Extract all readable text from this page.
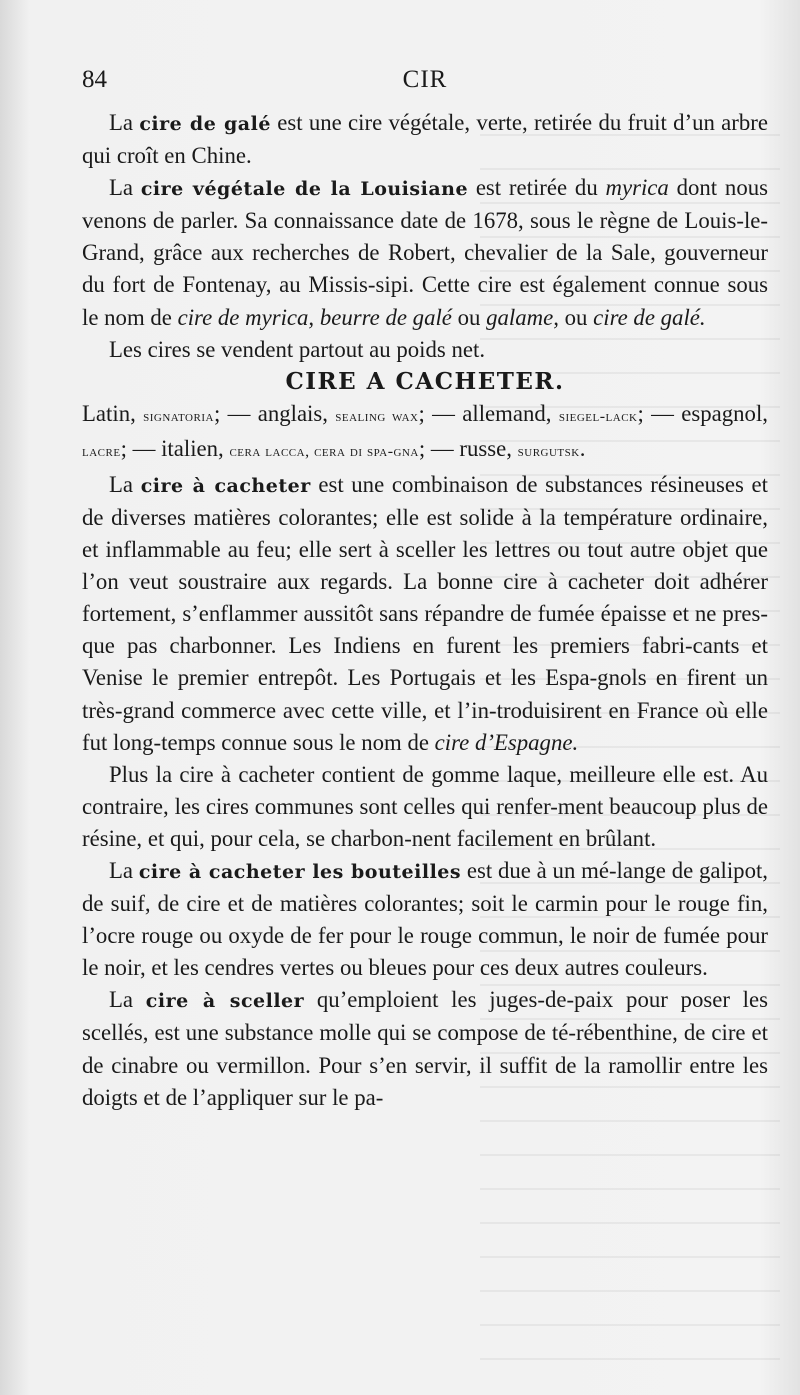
84	CIR

La cire de galé est une cire végétale, verte, retirée du fruit d’un arbre qui croît en Chine.

La cire végétale de la Louisiane est retirée du myrica dont nous venons de parler. Sa connaissance date de 1678, sous le règne de Louis-le-Grand, grâce aux recherches de Robert, chevalier de la Sale, gouverneur du fort de Fontenay, au Missis-sipi. Cette cire est également connue sous le nom de cire de myrica, beurre de galé ou galame, ou cire de galé.

Les cires se vendent partout au poids net.

CIRE A CACHETER.

Latin, signatoria; — anglais, sealing wax; — allemand, siegel-lack; — espagnol, lacre; — italien, cera lacca, cera di spa-gna; — russe, surgutsk.

La cire à cacheter est une combinaison de substances résineuses et de diverses matières colorantes; elle est solide à la température ordinaire, et inflammable au feu; elle sert à sceller les lettres ou tout autre objet que l’on veut soustraire aux regards. La bonne cire à cacheter doit adhérer fortement, s’enflammer aussitôt sans répandre de fumée épaisse et ne pres-que pas charbonner. Les Indiens en furent les premiers fabri-cants et Venise le premier entrepôt. Les Portugais et les Espa-gnols en firent un très-grand commerce avec cette ville, et l’in-troduisirent en France où elle fut long-temps connue sous le nom de cire d’Espagne.

Plus la cire à cacheter contient de gomme laque, meilleure elle est. Au contraire, les cires communes sont celles qui renfer-ment beaucoup plus de résine, et qui, pour cela, se charbon-nent facilement en brûlant.

La cire à cacheter les bouteilles est due à un mé-lange de galipot, de suif, de cire et de matières colorantes; soit le carmin pour le rouge fin, l’ocre rouge ou oxyde de fer pour le rouge commun, le noir de fumée pour le noir, et les cendres vertes ou bleues pour ces deux autres couleurs.

La cire à sceller qu’emploient les juges-de-paix pour poser les scellés, est une substance molle qui se compose de té-rébenthine, de cire et de cinabre ou vermillon. Pour s’en servir, il suffit de la ramollir entre les doigts et de l’appliquer sur le pa-
